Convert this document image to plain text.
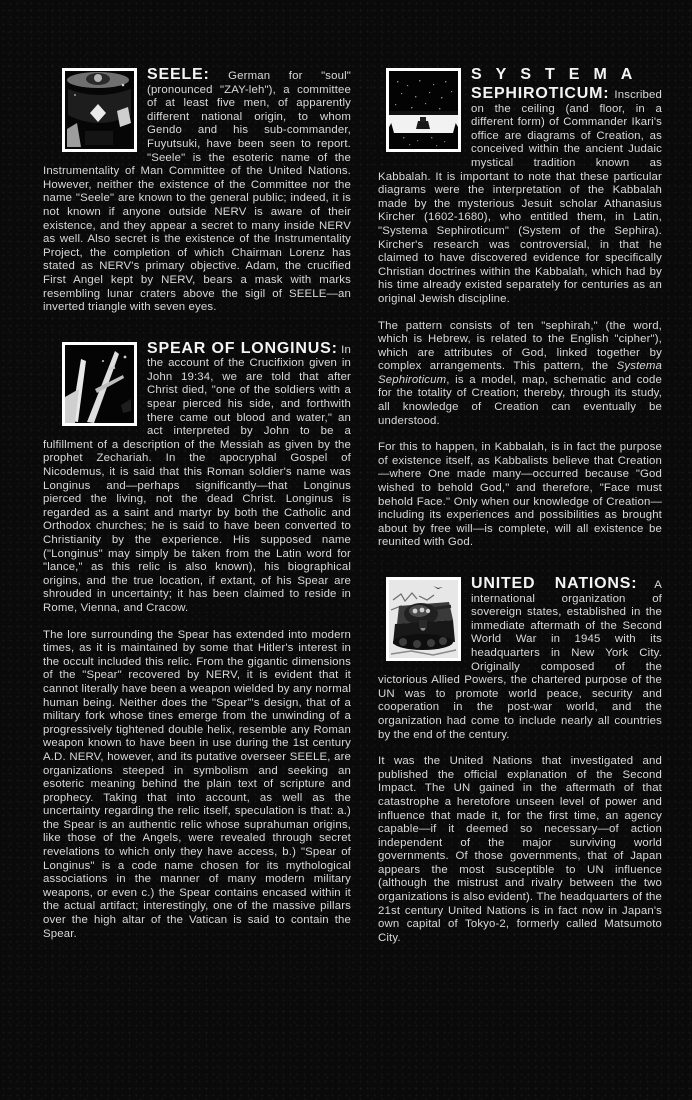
SEELE: German for "soul" (pronounced "ZAY-leh"), a committee of at least five men, of apparently different national origin, to whom Gendo and his sub-commander, Fuyutsuki, have been seen to report. "Seele" is the esoteric name of the Instrumentality of Man Committee of the United Nations. However, neither the existence of the Committee nor the name "Seele" are known to the general public; indeed, it is not known if anyone outside NERV is aware of their existence, and they appear a secret to many inside NERV as well. Also secret is the existence of the Instrumentality Project, the completion of which Chairman Lorenz has stated as NERV's primary objective. Adam, the crucified First Angel kept by NERV, bears a mask with marks resembling lunar craters above the sigil of SEELE—an inverted triangle with seven eyes.

SPEAR OF LONGINUS: In the account of the Crucifixion given in John 19:34, we are told that after Christ died, "one of the soldiers with a spear pierced his side, and forthwith there came out blood and water," an act interpreted by John to be a fulfillment of a description of the Messiah as given by the prophet Zechariah. In the apocryphal Gospel of Nicodemus, it is said that this Roman soldier's name was Longinus and—perhaps significantly—that Longinus pierced the living, not the dead Christ. Longinus is regarded as a saint and martyr by both the Catholic and Orthodox churches; he is said to have been converted to Christianity by the experience. His supposed name ("Longinus" may simply be taken from the Latin word for "lance," as this relic is also known), his biographical origins, and the true location, if extant, of his Spear are shrouded in uncertainty; it has been claimed to reside in Rome, Vienna, and Cracow.

The lore surrounding the Spear has extended into modern times, as it is maintained by some that Hitler's interest in the occult included this relic. From the gigantic dimensions of the "Spear" recovered by NERV, it is evident that it cannot literally have been a weapon wielded by any normal human being. Neither does the "Spear"'s design, that of a military fork whose tines emerge from the unwinding of a progressively tightened double helix, resemble any Roman weapon known to have been in use during the 1st century A.D. NERV, however, and its putative overseer SEELE, are organizations steeped in symbolism and seeking an esoteric meaning behind the plain text of scripture and prophecy. Taking that into account, as well as the uncertainty regarding the relic itself, speculation is that: a.) the Spear is an authentic relic whose suprahuman origins, like those of the Angels, were revealed through secret revelations to which only they have access, b.) "Spear of Longinus" is a code name chosen for its mythological associations in the manner of many modern military weapons, or even c.) the Spear contains encased within it the actual artifact; interestingly, one of the massive pillars over the high altar of the Vatican is said to contain the Spear.

SYSTEMA
SEPHIROTICUM: Inscribed on the ceiling (and floor, in a different form) of Commander Ikari's office are diagrams of Creation, as conceived within the ancient Judaic mystical tradition known as Kabbalah. It is important to note that these particular diagrams were the interpretation of the Kabbalah made by the mysterious Jesuit scholar Athanasius Kircher (1602-1680), who entitled them, in Latin, "Systema Sephiroticum" (System of the Sephira). Kircher's research was controversial, in that he claimed to have discovered evidence for specifically Christian doctrines within the Kabbalah, which had by his time already existed separately for centuries as an original Jewish discipline.

The pattern consists of ten "sephirah," (the word, which is Hebrew, is related to the English "cipher"), which are attributes of God, linked together by complex arrangements. This pattern, the Systema Sephiroticum, is a model, map, schematic and code for the totality of Creation; thereby, through its study, all knowledge of Creation can eventually be understood.

For this to happen, in Kabbalah, is in fact the purpose of existence itself, as Kabbalists believe that Creation—where One made many—occurred because "God wished to behold God," and therefore, "Face must behold Face." Only when our knowledge of Creation—including its experiences and possibilities as brought about by free will—is complete, will all existence be reunited with God.

UNITED NATIONS: A international organization of sovereign states, established in the immediate aftermath of the Second World War in 1945 with its headquarters in New York City. Originally composed of the victorious Allied Powers, the chartered purpose of the UN was to promote world peace, security and cooperation in the post-war world, and the organization had come to include nearly all countries by the end of the century.

It was the United Nations that investigated and published the official explanation of the Second Impact. The UN gained in the aftermath of that catastrophe a heretofore unseen level of power and influence that made it, for the first time, an agency capable—if it deemed so necessary—of action independent of the major surviving world governments. Of those governments, that of Japan appears the most susceptible to UN influence (although the mistrust and rivalry between the two organizations is also evident). The headquarters of the 21st century United Nations is in fact now in Japan's own capital of Tokyo-2, formerly called Matsumoto City.
